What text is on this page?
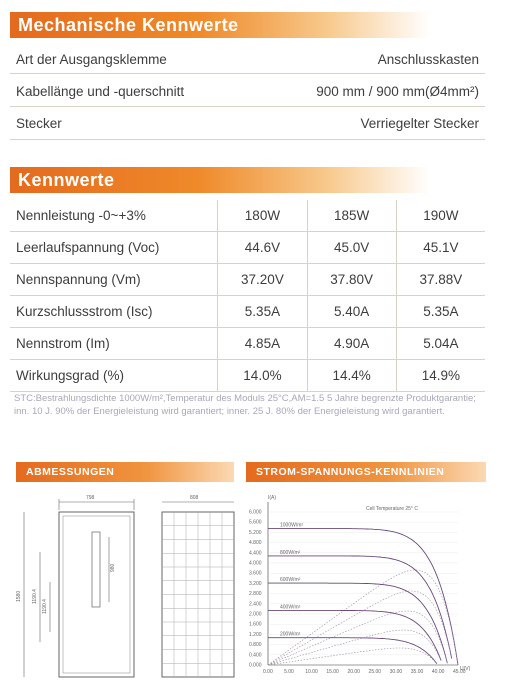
Mechanische Kennwerte
Art der Ausgangsklemme	Anschlusskasten
Kabellänge und -querschnitt	900 mm / 900 mm(Ø4mm²)
Stecker	Verriegelter Stecker
Kennwerte
Nennleistung -0~+3%	180W	185W	190W
Leerlaufspannung (Voc)	44.6V	45.0V	45.1V
Nennspannung (Vm)	37.20V	37.80V	37.88V
Kurzschlussstrom (Isc)	5.35A	5.40A	5.35A
Nennstrom (Im)	4.85A	4.90A	5.04A
Wirkungsgrad (%)	14.0%	14.4%	14.9%
STC:Bestrahlungsdichte 1000W/m²,Temperatur des Moduls 25°C,AM=1.5 5 Jahre begrenzte Produktgarantie; inn. 10 J. 90% der Energieleistung wird garantiert; inner. 25 J. 80% der Energieleistung wird garantiert.
ABMESSUNGEN
798
1580 1190.4
1190.4
980
808
STROM-SPANNUNGS-KENNLINIEN
I(A)
U(V)
Cell Temperature 25° C
6.000
5.600
5.200
4.800
4.400
4.000
3.600
3.200
2.800
2.400
2.000
1.600
1.200
0.800
0.400
0.000
0.00 5.00 10.00 15.00 20.00 25.00 30.00 35.00 40.00 45.00
1000W/m²
800W/m²
600W/m²
400W/m²
200W/m²
